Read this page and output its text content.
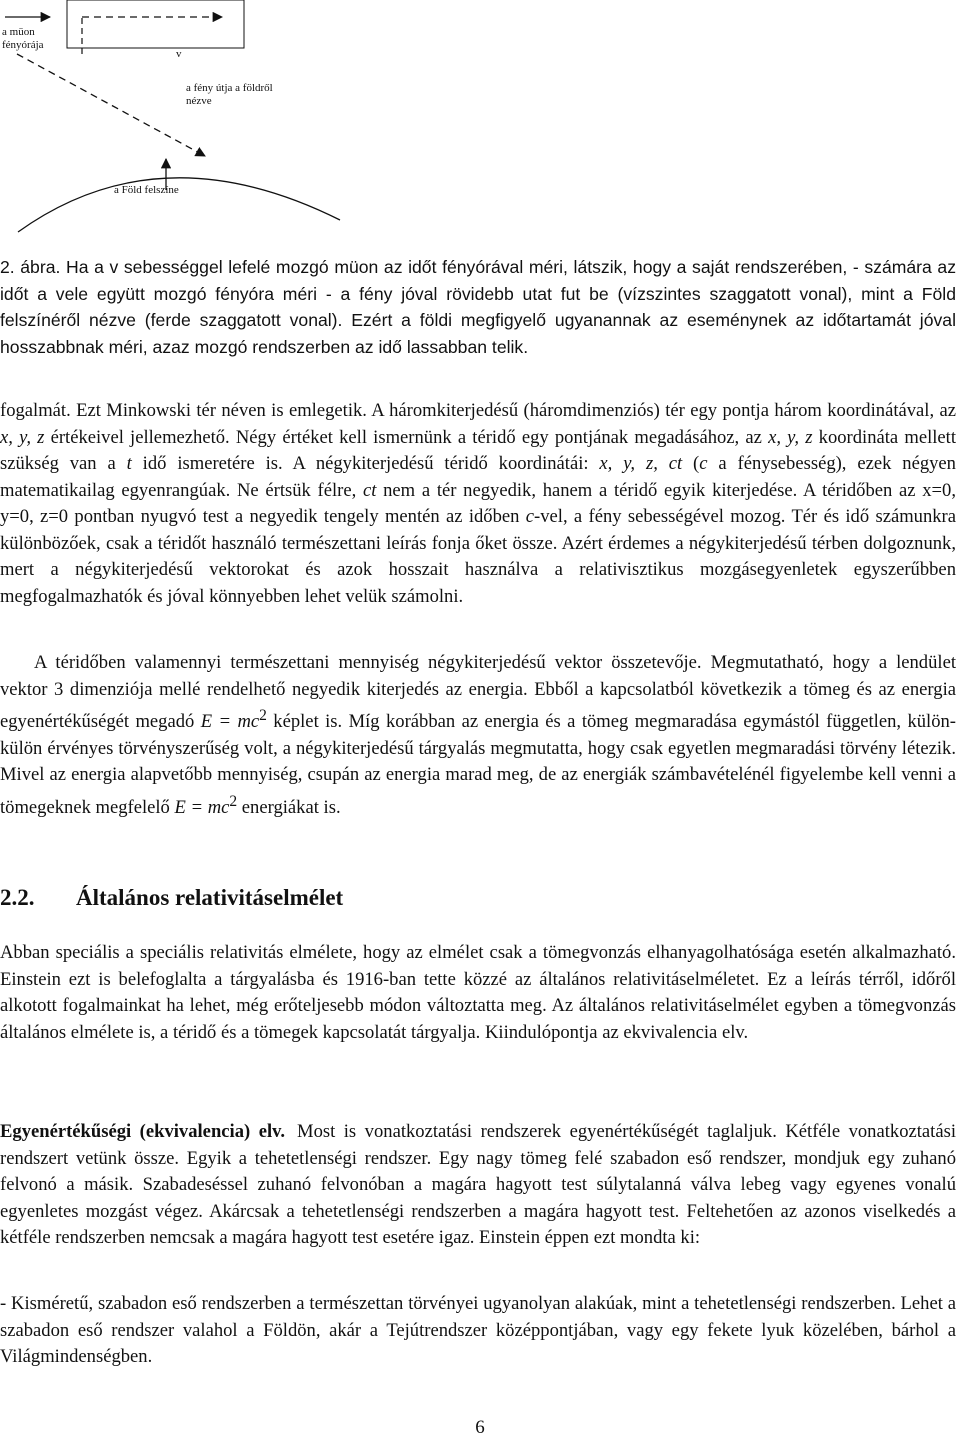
a müon
fényórája
v
a fény útja a földről
nézve
a Föld felszíne

2. ábra. Ha a v sebességgel lefelé mozgó müon az időt fényórával méri, látszik, hogy a saját rendszerében, - számára az időt a vele együtt mozgó fényóra méri - a fény jóval rövidebb utat fut be (vízszintes szaggatott vonal), mint a Föld felszínéről nézve (ferde szaggatott vonal). Ezért a földi megfigyelő ugyanannak az eseménynek az időtartamát jóval hosszabbnak méri, azaz mozgó rendszerben az idő lassabban telik.

fogalmát. Ezt Minkowski tér néven is emlegetik. A háromkiterjedésű (háromdimenziós) tér egy pontja három koordinátával, az x, y, z értékeivel jellemezhető. Négy értéket kell ismernünk a téridő egy pontjának megadásához, az x, y, z koordináta mellett szükség van a t idő ismeretére is. A négykiterjedésű téridő koordinátái: x, y, z, ct (c a fénysebesség), ezek négyen matematikailag egyenrangúak. Ne értsük félre, ct nem a tér negyedik, hanem a téridő egyik kiterjedése. A téridőben az x=0, y=0, z=0 pontban nyugvó test a negyedik tengely mentén az időben c-vel, a fény sebességével mozog. Tér és idő számunkra különbözőek, csak a téridőt használó természettani leírás fonja őket össze. Azért érdemes a négykiterjedésű térben dolgoznunk, mert a négykiterjedésű vektorokat és azok hosszait használva a relativisztikus mozgásegyenletek egyszerűbben megfogalmazhatók és jóval könnyebben lehet velük számolni.

A téridőben valamennyi természettani mennyiség négykiterjedésű vektor összetevője. Megmutatható, hogy a lendület vektor 3 dimenziója mellé rendelhető negyedik kiterjedés az energia. Ebből a kapcsolatból következik a tömeg és az energia egyenértékűségét megadó $E = mc^2$ képlet is. Míg korábban az energia és a tömeg megmaradása egymástól független, külön-külön érvényes törvényszerűség volt, a négykiterjedésű tárgyalás megmutatta, hogy csak egyetlen megmaradási törvény létezik. Mivel az energia alapvetőbb mennyiség, csupán az energia marad meg, de az energiák számbavételénél figyelembe kell venni a tömegeknek megfelelő $E = mc^2$ energiákat is.

2.2. Általános relativitáselmélet

Abban speciális a speciális relativitás elmélete, hogy az elmélet csak a tömegvonzás elhanyagolhatósága esetén alkalmazható. Einstein ezt is belefoglalta a tárgyalásba és 1916-ban tette közzé az általános relativitáselméletet. Ez a leírás térről, időről alkotott fogalmainkat ha lehet, még erőteljesebb módon változtatta meg. Az általános relativitáselmélet egyben a tömegvonzás általános elmélete is, a téridő és a tömegek kapcsolatát tárgyalja. Kiindulópontja az ekvivalencia elv.

Egyenértékűségi (ekvivalencia) elv. Most is vonatkoztatási rendszerek egyenértékűségét taglaljuk. Kétféle vonatkoztatási rendszert vetünk össze. Egyik a tehetetlenségi rendszer. Egy nagy tömeg felé szabadon eső rendszer, mondjuk egy zuhanó felvonó a másik. Szabadeséssel zuhanó felvonóban a magára hagyott test súlytalanná válva lebeg vagy egyenes vonalú egyenletes mozgást végez. Akárcsak a tehetetlenségi rendszerben a magára hagyott test. Feltehetően az azonos viselkedés a kétféle rendszerben nemcsak a magára hagyott test esetére igaz. Einstein éppen ezt mondta ki:

- Kisméretű, szabadon eső rendszerben a természettan törvényei ugyanolyan alakúak, mint a tehetetlenségi rendszerben. Lehet a szabadon eső rendszer valahol a Földön, akár a Tejútrendszer középpontjában, vagy egy fekete lyuk közelében, bárhol a Világmindenségben.

6
